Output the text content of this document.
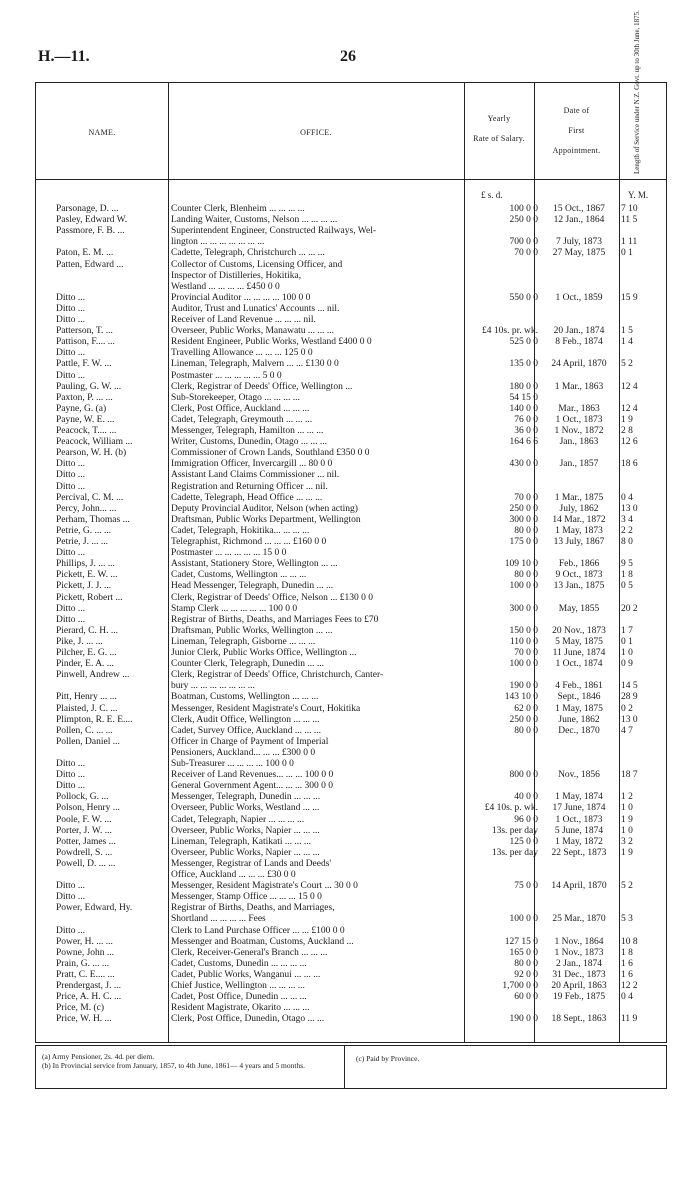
H.—11.	26
NAME.	OFFICE.
Yearly
Rate of Salary.
Date of
First
Appointment.	Length of Service under N.Z. Govt. up to 30th June, 1875.
£ s. d.	Y. M.
Parsonage, D. ...	Counter Clerk, Blenheim ... ... ... ...	100 0 0	15 Oct., 1867	7 10
Pasley, Edward W.	Landing Waiter, Customs, Nelson ... ... ... ...	250 0 0	12 Jan., 1864	11 5
Passmore, F. B. ...	Superintendent Engineer, Constructed Railways, Wel-
lington ... ... ... ... ... ... ...	700 0 0	7 July, 1873	1 11
Paton, E. M. ...	Cadette, Telegraph, Christchurch ... ... ...	70 0 0	27 May, 1875	0 1
Patten, Edward ...	Collector of Customs, Licensing Officer, and
Inspector of Distilleries, Hokitika,
Westland ... ... ... ... £450 0 0
Ditto ...	Provincial Auditor ... ... ... ... 100 0 0	550 0 0	1 Oct., 1859	15 9
Ditto ...	Auditor, Trust and Lunatics' Accounts ... nil.
Ditto ...	Receiver of Land Revenue ... ... ... nil.
Patterson, T. ...	Overseer, Public Works, Manawatu ... ... ...	£4 10s. pr. wk.	20 Jan., 1874	1 5
Pattison, F.... ...	Resident Engineer, Public Works, Westland £400 0 0	525 0 0	8 Feb., 1874	1 4
Ditto ...	Travelling Allowance ... ... ... 125 0 0
Pattle, F. W. ...	Lineman, Telegraph, Malvern ... ... £130 0 0	135 0 0	24 April, 1870	5 2
Ditto ...	Postmaster ... ... ... ... ... 5 0 0
Pauling, G. W. ...	Clerk, Registrar of Deeds' Office, Wellington ...	180 0 0	1 Mar., 1863	12 4
Paxton, P. ... ...	Sub-Storekeeper, Otago ... ... ... ...	54 15 0
Payne, G. (a)	Clerk, Post Office, Auckland ... ... ...	140 0 0	Mar., 1863	12 4
Payne, W. E. ...	Cadet, Telegraph, Greymouth ... ... ...	76 0 0	1 Oct., 1873	1 9
Peacock, T.... ...	Messenger, Telegraph, Hamilton ... ... ...	36 0 0	1 Nov., 1872	2 8
Peacock, William ...	Writer, Customs, Dunedin, Otago ... ... ...	164 6 6	Jan., 1863	12 6
Pearson, W. H. (b)	Commissioner of Crown Lands, Southland £350 0 0
Ditto ...	Immigration Officer, Invercargill ... 80 0 0	430 0 0	Jan., 1857	18 6
Ditto ...	Assistant Land Claims Commissioner ... nil.
Ditto ...	Registration and Returning Officer ... nil.
Percival, C. M. ...	Cadette, Telegraph, Head Office ... ... ...	70 0 0	1 Mar., 1875	0 4
Percy, John... ...	Deputy Provincial Auditor, Nelson (when acting)	250 0 0	July, 1862	13 0
Perham, Thomas ...	Draftsman, Public Works Department, Wellington	300 0 0	14 Mar., 1872	3 4
Petrie, G. ... ...	Cadet, Telegraph, Hokitika... ... ... ...	80 0 0	1 May, 1873	2 2
Petrie, J. ... ...	Telegraphist, Richmond ... ... ... £160 0 0	175 0 0	13 July, 1867	8 0
Ditto ...	Postmaster ... ... ... ... ... 15 0 0
Phillips, J. ... ...	Assistant, Stationery Store, Wellington ... ...	109 10 0	Feb., 1866	9 5
Pickett, E. W. ...	Cadet, Customs, Wellington ... ... ...	80 0 0	9 Oct., 1873	1 8
Pickett, J. J. ...	Head Messenger, Telegraph, Dunedin ... ...	100 0 0	13 Jan., 1875	0 5
Pickett, Robert ...	Clerk, Registrar of Deeds' Office, Nelson ... £130 0 0
Ditto ...	Stamp Clerk ... ... ... ... ... 100 0 0	300 0 0	May, 1855	20 2
Ditto ...	Registrar of Births, Deaths, and Marriages Fees to £70
Pierard, C. H. ...	Draftsman, Public Works, Wellington ... ...	150 0 0	20 Nov., 1873	1 7
Pike, J. ... ...	Lineman, Telegraph, Gisborne ... ... ...	110 0 0	5 May, 1875	0 1
Pilcher, E. G. ...	Junior Clerk, Public Works Office, Wellington ...	70 0 0	11 June, 1874	1 0
Pinder, E. A. ...	Counter Clerk, Telegraph, Dunedin ... ...	100 0 0	1 Oct., 1874	0 9
Pinwell, Andrew ...	Clerk, Registrar of Deeds' Office, Christchurch, Canter-
bury ... ... ... ... ... ... ...	190 0 0	4 Feb., 1861	14 5
Pitt, Henry ... ...	Boatman, Customs, Wellington ... ... ...	143 10 0	Sept., 1846	28 9
Plaisted, J. C. ...	Messenger, Resident Magistrate's Court, Hokitika	62 0 0	1 May, 1875	0 2
Plimpton, R. E. E....	Clerk, Audit Office, Wellington ... ... ...	250 0 0	June, 1862	13 0
Pollen, C. ... ...	Cadet, Survey Office, Auckland ... ... ...	80 0 0	Dec., 1870	4 7
Pollen, Daniel ...	Officer in Charge of Payment of Imperial
Pensioners, Auckland... ... ... £300 0 0
Ditto ...	Sub-Treasurer ... ... ... ... 100 0 0
Ditto ...	Receiver of Land Revenues... ... ... 100 0 0	800 0 0	Nov., 1856	18 7
Ditto ...	General Government Agent... ... ... 300 0 0
Pollock, G. ...	Messenger, Telegraph, Dunedin ... ... ...	40 0 0	1 May, 1874	1 2
Polson, Henry ...	Overseer, Public Works, Westland ... ...	£4 10s. p. wk.	17 June, 1874	1 0
Poole, F. W. ...	Cadet, Telegraph, Napier ... ... ... ...	96 0 0	1 Oct., 1873	1 9
Porter, J. W. ...	Overseer, Public Works, Napier ... ... ...	13s. per day	5 June, 1874	1 0
Potter, James ...	Lineman, Telegraph, Katikati ... ... ...	125 0 0	1 May, 1872	3 2
Powdrell, S. ...	Overseer, Public Works, Napier ... ... ...	13s. per day	22 Sept., 1873	1 9
Powell, D. ... ...	Messenger, Registrar of Lands and Deeds'
Office, Auckland ... ... ... £30 0 0
Ditto ...	Messenger, Resident Magistrate's Court ... 30 0 0	75 0 0	14 April, 1870	5 2
Ditto ...	Messenger, Stamp Office ... ... ... 15 0 0
Power, Edward, Hy.	Registrar of Births, Deaths, and Marriages,
Shortland ... ... ... ... Fees	100 0 0	25 Mar., 1870	5 3
Ditto ...	Clerk to Land Purchase Officer ... ... £100 0 0
Power, H. ... ...	Messenger and Boatman, Customs, Auckland ...	127 15 0	1 Nov., 1864	10 8
Powne, John ...	Clerk, Receiver-General's Branch ... ... ...	165 0 0	1 Nov., 1873	1 8
Prain, G. ... ...	Cadet, Customs, Dunedin ... ... ... ...	80 0 0	2 Jan., 1874	1 6
Pratt, C. E.... ...	Cadet, Public Works, Wanganui ... ... ...	92 0 0	31 Dec., 1873	1 6
Prendergast, J. ...	Chief Justice, Wellington ... ... ... ...	1,700 0 0	20 April, 1863	12 2
Price, A. H. C. ...	Cadet, Post Office, Dunedin ... ... ...	60 0 0	19 Feb., 1875	0 4
Price, M. (c)	Resident Magistrate, Okarito ... ... ...
Price, W. H. ...	Clerk, Post Office, Dunedin, Otago ... ...	190 0 0	18 Sept., 1863	11 9
(a) Army Pensioner, 2s. 4d. per diem.
(b) In Provincial service from January, 1857, to 4th June, 1861— 4 years and 5 months.
(c) Paid by Province.
